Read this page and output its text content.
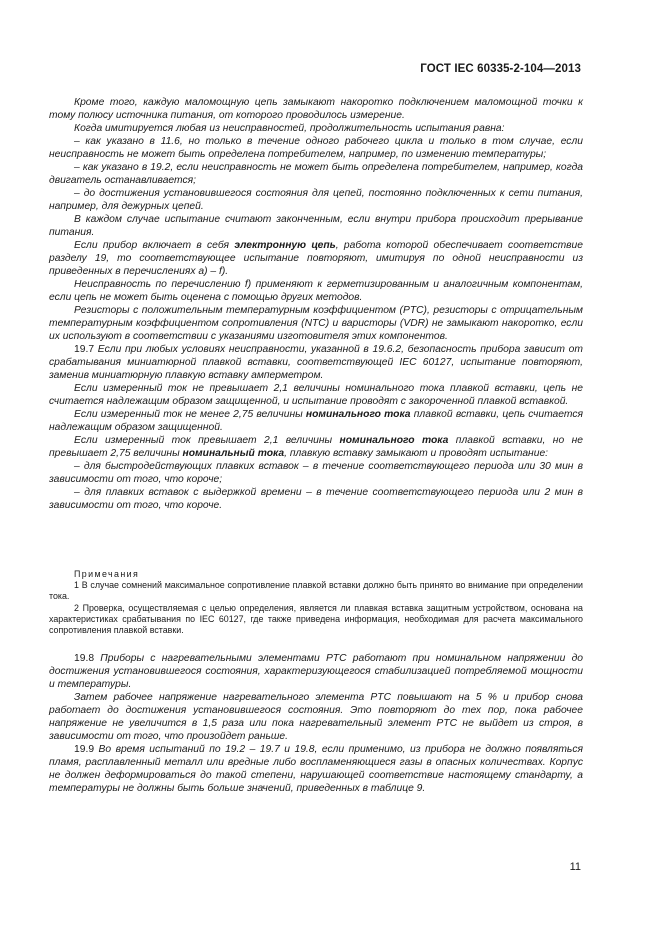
ГОСТ IEC 60335-2-104—2013

Кроме того, каждую маломощную цепь замыкают накоротко подключением маломощной точки к тому полюсу источника питания, от которого проводилось измерение.

Когда имитируется любая из неисправностей, продолжительность испытания равна:

– как указано в 11.6, но только в течение одного рабочего цикла и только в том случае, если неисправность не может быть определена потребителем, например, по изменению температуры;

– как указано в 19.2, если неисправность не может быть определена потребителем, например, когда двигатель останавливается;

– до достижения установившегося состояния для цепей, постоянно подключенных к сети питания, например, для дежурных цепей.

В каждом случае испытание считают законченным, если внутри прибора происходит прерывание питания.

Если прибор включает в себя электронную цепь, работа которой обеспечивает соответствие разделу 19, то соответствующее испытание повторяют, имитируя по одной неисправности из приведенных в перечислениях а) – f).

Неисправность по перечислению f) применяют к герметизированным и аналогичным компонентам, если цепь не может быть оценена с помощью других методов.

Резисторы с положительным температурным коэффициентом (PTC), резисторы с отрицательным температурным коэффициентом сопротивления (NTC) и варисторы (VDR) не замыкают накоротко, если их используют в соответствии с указаниями изготовителя этих компонентов.

19.7 Если при любых условиях неисправности, указанной в 19.6.2, безопасность прибора зависит от срабатывания миниатюрной плавкой вставки, соответствующей IEC 60127, испытание повторяют, заменив миниатюрную плавкую вставку амперметром.

Если измеренный ток не превышает 2,1 величины номинального тока плавкой вставки, цепь не считается надлежащим образом защищенной, и испытание проводят с закороченной плавкой вставкой.

Если измеренный ток не менее 2,75 величины номинального тока плавкой вставки, цепь считается надлежащим образом защищенной.

Если измеренный ток превышает 2,1 величины номинального тока плавкой вставки, но не превышает 2,75 величины номинальный тока, плавкую вставку замыкают и проводят испытание:

– для быстродействующих плавких вставок – в течение соответствующего периода или 30 мин в зависимости от того, что короче;

– для плавких вставок с выдержкой времени – в течение соответствующего периода или 2 мин в зависимости от того, что короче.

Примечания

1 В случае сомнений максимальное сопротивление плавкой вставки должно быть принято во внимание при определении тока.

2 Проверка, осуществляемая с целью определения, является ли плавкая вставка защитным устройством, основана на характеристиках срабатывания по IEC 60127, где также приведена информация, необходимая для расчета максимального сопротивления плавкой вставки.

19.8 Приборы с нагревательными элементами PTC работают при номинальном напряжении до достижения установившегося состояния, характеризующегося стабилизацией потребляемой мощности и температуры.

Затем рабочее напряжение нагревательного элемента PTC повышают на 5 % и прибор снова работает до достижения установившегося состояния. Это повторяют до тех пор, пока рабочее напряжение не увеличится в 1,5 раза или пока нагревательный элемент PTC не выйдет из строя, в зависимости от того, что произойдет раньше.

19.9 Во время испытаний по 19.2 – 19.7 и 19.8, если применимо, из прибора не должно появляться пламя, расплавленный металл или вредные либо воспламеняющиеся газы в опасных количествах. Корпус не должен деформироваться до такой степени, нарушающей соответствие настоящему стандарту, а температуры не должны быть больше значений, приведенных в таблице 9.

11
